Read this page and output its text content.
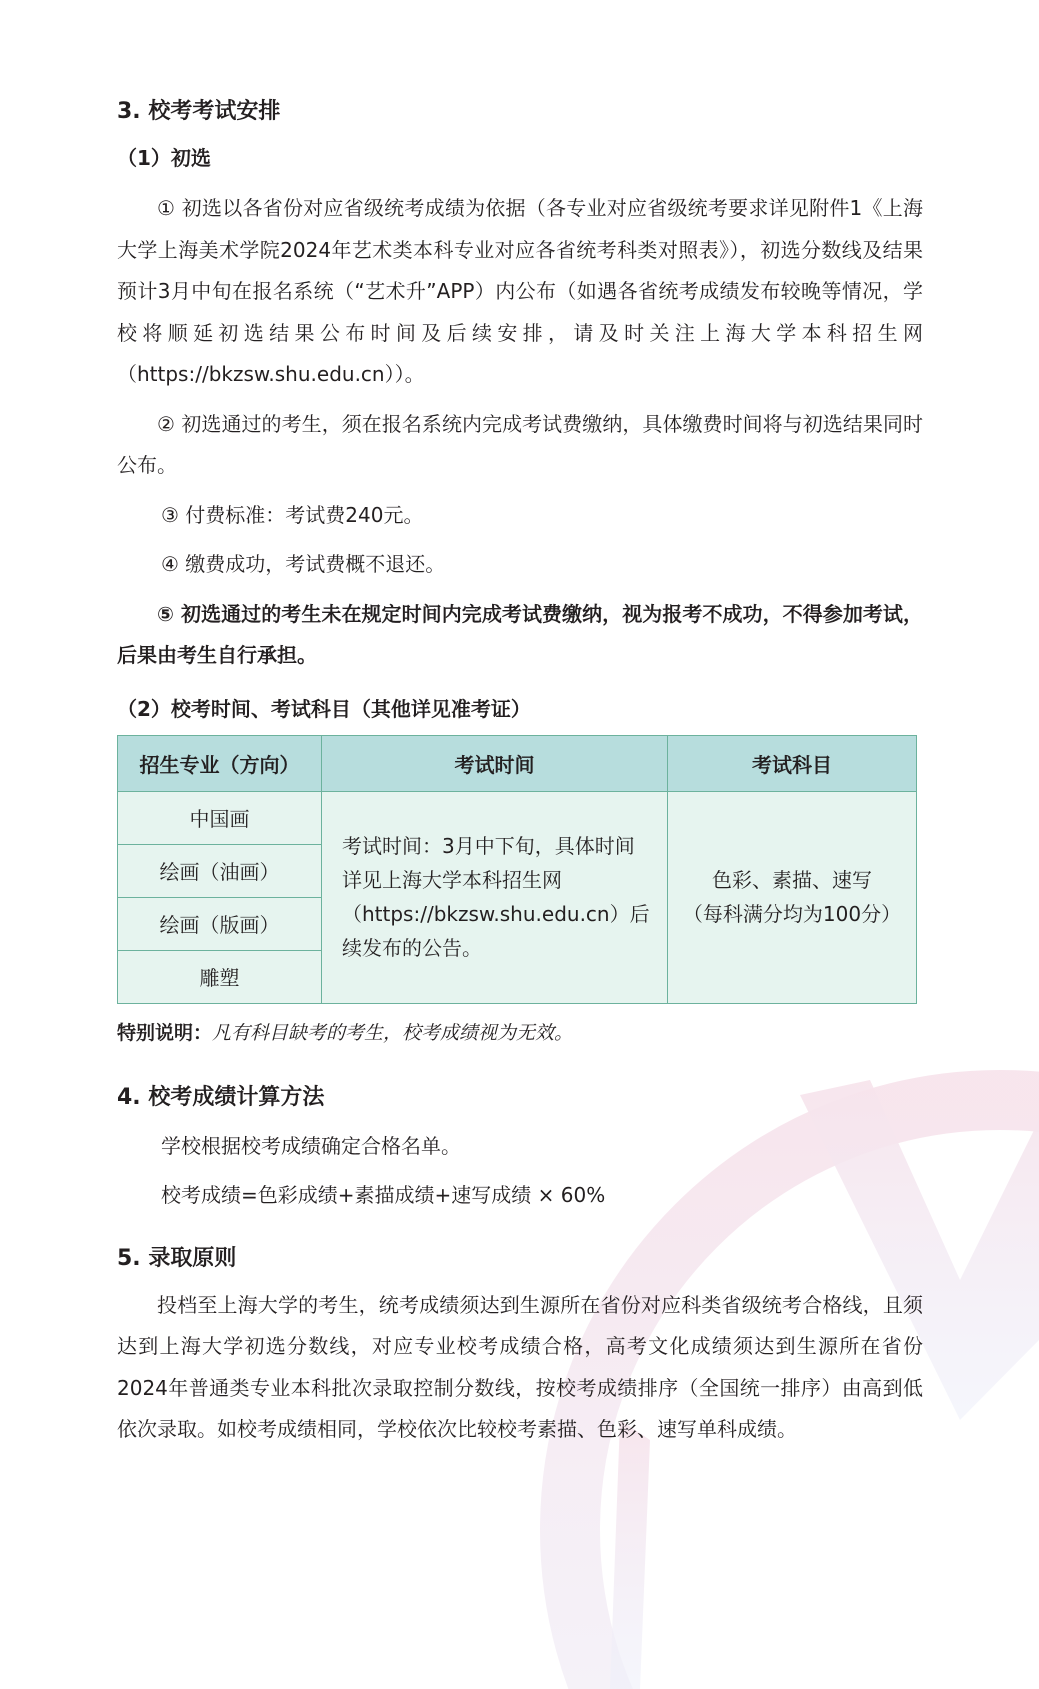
3. 校考考试安排
（1）初选

① 初选以各省份对应省级统考成绩为依据（各专业对应省级统考要求详见附件1《上海大学上海美术学院2024年艺术类本科专业对应各省统考科类对照表》），初选分数线及结果预计3月中旬在报名系统（“艺术升”APP）内公布（如遇各省统考成绩发布较晚等情况，学校将顺延初选结果公布时间及后续安排，请及时关注上海大学本科招生网（https://bkzsw.shu.edu.cn））。

② 初选通过的考生，须在报名系统内完成考试费缴纳，具体缴费时间将与初选结果同时公布。

③ 付费标准：考试费240元。

④ 缴费成功，考试费概不退还。

⑤ 初选通过的考生未在规定时间内完成考试费缴纳，视为报考不成功，不得参加考试，后果由考生自行承担。

（2）校考时间、考试科目（其他详见准考证）
招生专业（方向）	考试时间	考试科目
中国画	考试时间：3月中下旬，具体时间详见上海大学本科招生网（https://bkzsw.shu.edu.cn）后续发布的公告。	色彩、素描、速写
（每科满分均为100分）

绘画（油画）		
绘画（版画）		
雕塑		
特别说明：凡有科目缺考的考生，校考成绩视为无效。
4. 校考成绩计算方法

学校根据校考成绩确定合格名单。

校考成绩=色彩成绩+素描成绩+速写成绩 × 60%

5. 录取原则

投档至上海大学的考生，统考成绩须达到生源所在省份对应科类省级统考合格线，且须达到上海大学初选分数线，对应专业校考成绩合格，高考文化成绩须达到生源所在省份2024年普通类专业本科批次录取控制分数线，按校考成绩排序（全国统一排序）由高到低依次录取。如校考成绩相同，学校依次比较校考素描、色彩、速写单科成绩。
